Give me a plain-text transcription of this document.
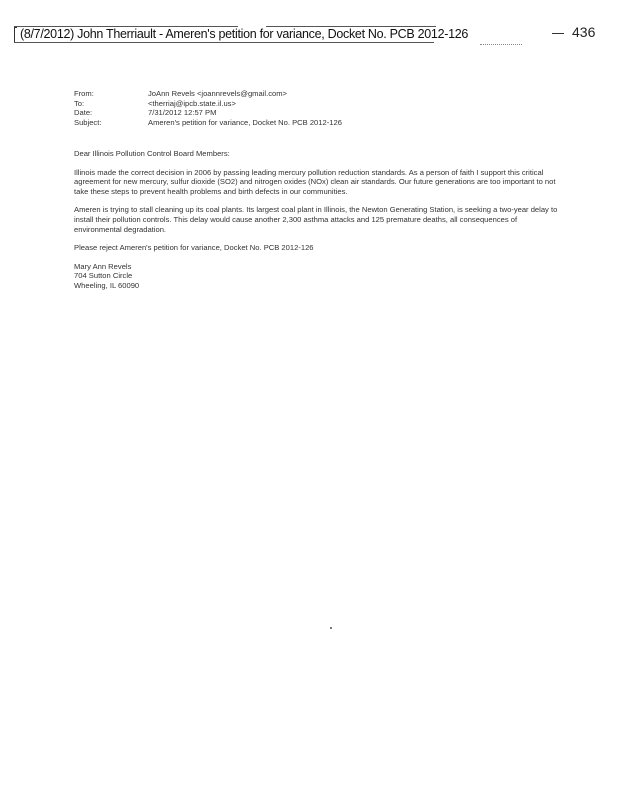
(8/7/2012) John Therriault - Ameren's petition for variance, Docket No. PCB 2012-126	436
From:	JoAnn Revels <joannrevels@gmail.com>
To:	<therriaj@ipcb.state.il.us>
Date:	7/31/2012 12:57 PM
Subject:	Ameren's petition for variance, Docket No. PCB 2012-126

Dear Illinois Pollution Control Board Members:

Illinois made the correct decision in 2006 by passing leading mercury pollution reduction standards. As a person of faith I support this critical agreement for new mercury, sulfur dioxide (SO2) and nitrogen oxides (NOx) clean air standards. Our future generations are too important to not take these steps to prevent health problems and birth defects in our communities.

Ameren is trying to stall cleaning up its coal plants. Its largest coal plant in Illinois, the Newton Generating Station, is seeking a two-year delay to install their pollution controls. This delay would cause another 2,300 asthma attacks and 125 premature deaths, all consequences of environmental degradation.

Please reject Ameren's petition for variance, Docket No. PCB 2012-126

Mary Ann Revels
704 Sutton Circle
Wheeling, IL 60090
